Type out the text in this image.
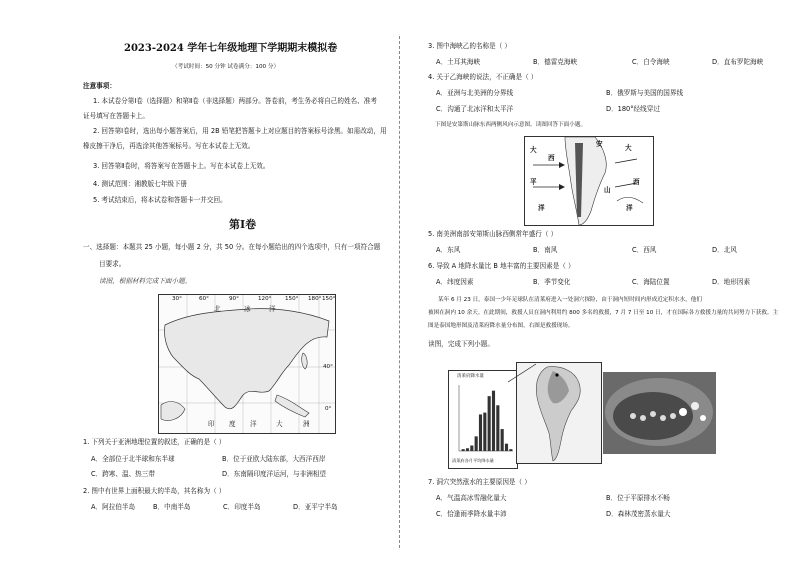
2023-2024 学年七年级地理下学期期末模拟卷
（考试时间：50 分钟 试卷满分：100 分）
注意事项：
1. 本试卷分第Ⅰ卷（选择题）和第Ⅱ卷（非选择题）两部分。答卷前，考生务必将自己的姓名、准考
证号填写在答题卡上。
2. 回答第Ⅰ卷时，选出每小题答案后，用 2B 铅笔把答题卡上对应题目的答案标号涂黑。如需改动，用
橡皮擦干净后，再选涂其他答案标号。写在本试卷上无效。
3. 回答第Ⅱ卷时，将答案写在答题卡上。写在本试卷上无效。
4. 测试范围：湘教版七年级下册
5. 考试结束后，将本试卷和答题卡一并交回。
第Ⅰ卷
一、选择题：本题共 25 小题，每小题 2 分，共 50 分。在每小题给出的四个选项中，只有一项符合题
目要求。
读图，根据材料完成下面小题。
30°	60°	90°	120° 150° 180° 150°
北	冰	洋
40°
0°
印 度 洋	大	洲
1. 下列关于亚洲地理位置的叙述，正确的是（ ）
A．全部位于北半球和东半球	B．位于亚欧大陆东部，大西洋西岸
C．跨寒、温、热三带	D．东南隔印度洋运河，与非洲相望
2. 图中有世界上面积最大的半岛，其名称为（ ）
A．阿拉伯半岛	B．中南半岛	C．印度半岛	D．亚平宁半岛
3. 图中海峡乙的名称是（ ）
A．土耳其海峡	B．德雷克海峡	C．白令海峡	D．直布罗陀海峡
4. 关于乙海峡的说法，不正确是（ ）
A．亚洲与北美洲的分界线	B．俄罗斯与美国的国界线
C．沟通了北冰洋和太平洋	D．180°经线穿过
下图是安第斯山脉东西两侧风向示意图。读图回答下面小题。
大
西
平
洋
大
西
洋
山
安
5. 南美洲南部安第斯山脉西侧常年盛行（ ）
A．东风	B．南风	C．西风	D．北风
6. 导致 A 地降水量比 B 地丰富的主要因素是（ ）
A．纬度因素	B．季节变化	C．海陆位置	D．地形因素
某年 6 月 23 日，泰国一少年足球队在清莱府进入一处洞穴探险，由于洞内短时间内形成近定积水水，他们
被困在洞内 10 余天。在此期间，救援人员在洞内利用约 800 多名的救援，7 月 7 日至 10 日，才在国际各方救援力量的共同努力下获救。主
图是泰国地形图及清莱府降水量分布图，右图是救援现场。
读图，完成下列小题。
清莱府降水量
清莱府各月平均降水量
7. 洞穴突然涨水的主要原因是（ ）
A．气温高冰雪融化量大	B．位于平原排水不畅
C．恰逢雨季降水量丰沛	D．森林茂密蒸水量大
